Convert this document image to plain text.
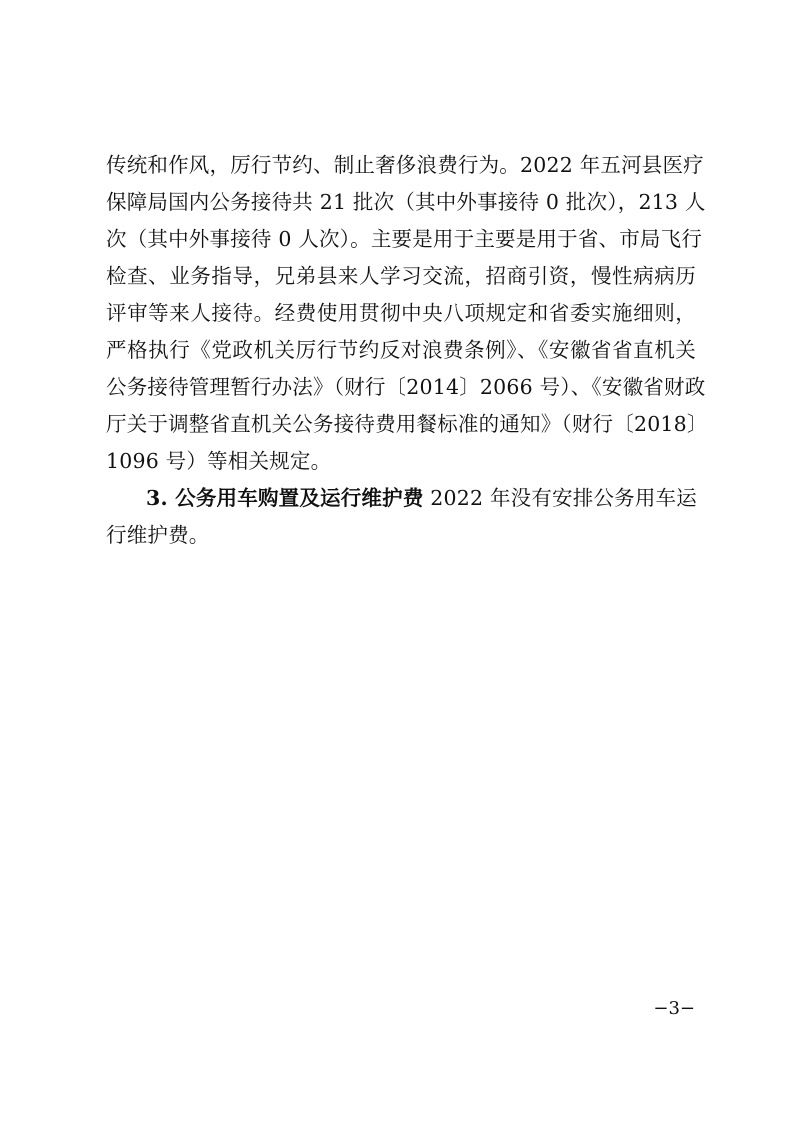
传统和作风，厉行节约、制止奢侈浪费行为。2022 年五河县医疗
保障局国内公务接待共 21 批次（其中外事接待 0 批次），213 人
次（其中外事接待 0 人次）。主要是用于主要是用于省、市局飞行
检查、业务指导，兄弟县来人学习交流，招商引资，慢性病病历
评审等来人接待。经费使用贯彻中央八项规定和省委实施细则，
严格执行《党政机关厉行节约反对浪费条例》、《安徽省省直机关
公务接待管理暂行办法》（财行〔2014〕2066 号）、《安徽省财政
厅关于调整省直机关公务接待费用餐标准的通知》（财行〔2018〕
1096 号）等相关规定。
3. 公务用车购置及运行维护费 2022 年没有安排公务用车运
行维护费。
−3−
